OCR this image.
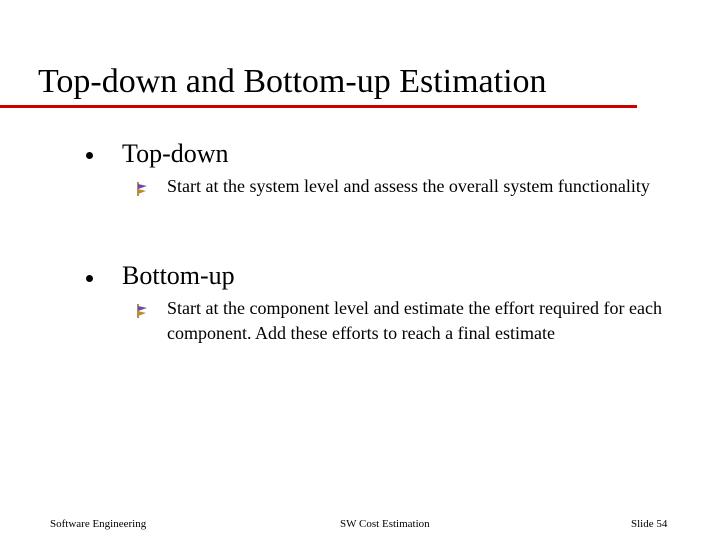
Top-down and Bottom-up Estimation
Top-down
Start at the system level and assess the overall system functionality
Bottom-up
Start at the component level and estimate the effort required for each component. Add these efforts to reach a final estimate
Software Engineering	SW Cost Estimation	Slide 54
